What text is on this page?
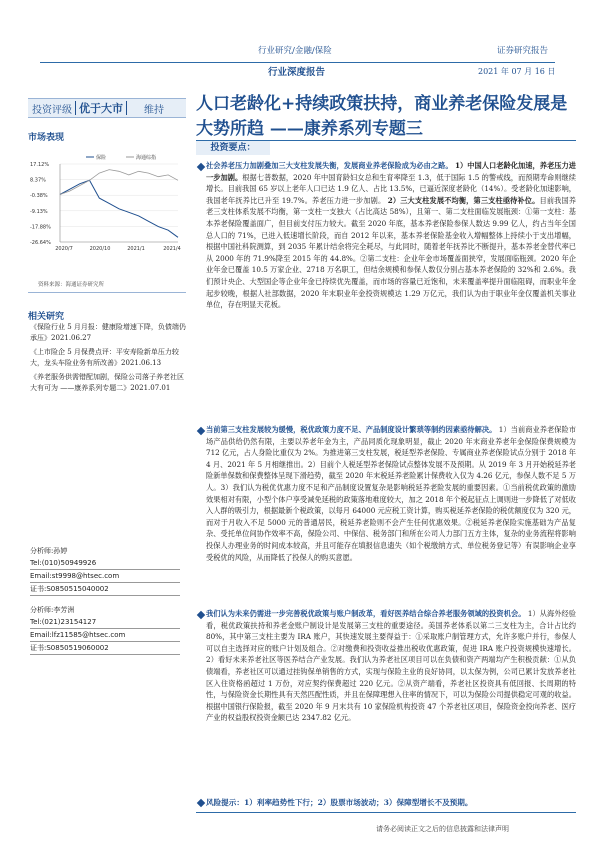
行业研究/金融/保险	证券研究报告
行业深度报告	2021 年 07 月 16 日
投资评级 优于大市 维持 人口老龄化+持续政策扶持，商业养老保险发展是大势所趋 ——康养系列专题三
市场表现
17.12%
8.37%
-0.38%
-9.13%
-17.88%
-26.64%
保险	海通综指
2020/7	2020/10	2021/1	2021/4
资料来源：海通证券研究所
相关研究

《保险行业 5 月月报：健康险增速下降，负债端仍承压》2021.06.27

《上市险企 5 月保费点评：平安寿险新单压力较大，龙头车险业务有所改善》2021.06.13

《养老服务供需错配加剧，保险公司落子养老社区大有可为 ——康养系列专题二》2021.07.01

分析师:孙婷
Tel:(010)50949926
Email:st9998@htsec.com
证书:S0850515040002
分析师:李芳洲
Tel:(021)23154127
Email:lfz11585@htsec.com
证书:S0850519060002
投资要点：
社会养老压力加剧叠加三大支柱发展失衡，发展商业养老保险成为必由之路。 1）中国人口老龄化加速，养老压力进一步加剧。根据七普数据，2020 年中国育龄妇女总和生育率降至 1.3，低于国际 1.5 的警戒线，而预期寿命则继续增长。目前我国 65 岁以上老年人口已达 1.9 亿人、占比 13.5%，已逼近深度老龄化（14%）。受老龄化加速影响，我国老年抚养比已升至 19.7%。养老压力进一步加剧。 2）三大支柱发展不均衡，第三支柱亟待补位。目前我国养老三支柱体系发展不均衡，第一支柱一支独大（占比高达 58%），且第一、第二支柱面临发展瓶颈：①第一支柱：基本养老保险覆盖面广，但目前支付压力较大。截至 2020 年底，基本养老保险参保人数达 9.99 亿人，约占当年全国总人口的 71%，已进入低速增长阶段，而自 2012 年以来，基本养老保险基金收入增幅整体上持续小于支出增幅，根据中国社科院测算，到 2035 年累计结余将完全耗尽，与此同时，随着老年抚养比不断提升，基本养老金替代率已从 2000 年的 71.9%降至 2015 年的 44.8%。②第二支柱：企业年金市场覆盖面狭窄，发展面临瓶颈。2020 年企业年金已覆盖 10.5 万家企业、2718 万名职工，但结余规模和参保人数仅分别占基本养老保险的 32%和 2.6%。我们预计央企、大型国企等企业年金已持续优先覆盖，而市场的容量已近饱和，未来覆盖率提升面临阻碍，而职业年金起步较晚，根据人社部数据，2020 年末职业年金投资规模达 1.29 万亿元，我们认为由于职业年金仅覆盖机关事业单位，存在明显天花板。
当前第三支柱发展较为缓慢，税优政策力度不足、产品制度设计繁琐等制约因素亟待解决。 1）当前商业养老保险市场产品供给仍然有限，主要以养老年金为主，产品同质化现象明显，截止 2020 年末商业养老年金保险保费规模为 712 亿元，占人身险比重仅为 2%。为推进第三支柱发展，税延型养老保险、专属商业养老保险试点分别于 2018 年 4 月、2021 年 5 月相继推出。2）目前个人税延型养老保险试点整体发展不及预期。从 2019 年 3 月开始税延养老险新单保数和保费整体呈现下滑趋势，截至 2020 年末税延养老险累计保费收入仅为 4.26 亿元，参保人数不足 5 万人。3）我们认为税优优惠力度不足和产品制度设置复杂是影响税延养老险发展的重要因素。①当前税优政策的激励效果相对有限，小型个体户享受减免延税的政策落地难度较大，加之 2018 年个税起征点上调则进一步降低了对低收入人群的吸引力，根据最新个税政策，以每月 64000 元应税工资计算，购买税延养老保险的税优额度仅为 320 元，而对于月收入不足 5000 元的普通居民，税延养老险则不会产生任何优惠效果。②税延养老保险实施基础为产品复杂、受托单位间协作效率不高，保险公司、中保信、税务部门和所在公司人力部门五方主体，复杂的业务流程将影响投保人办理业务的时间成本较高，并且可能存在填报信息遗失（如个税缴纳方式、单位税务登记等）有误影响企业享受税优的风险，从而降低了投保人的购买意愿。
我们认为未来仍需进一步完善税优政策与账户制改革，看好医养结合综合养老服务领域的投资机会。 1）从海外经验看，税优政策扶持和养老金账户制设计是发展第三支柱的重要途径。美国养老体系以第二三支柱为主，合计占比约 80%，其中第三支柱主要为 IRA 账户，其快速发展主要得益于：①采取账户制管理方式，允许多账户并行，参保人可以自主选择对应的账户计划及组合。②对缴费和投资收益推出税收优惠政策，促进 IRA 账户投资规模快速增长。2）看好未来养老社区等医养结合产业发展。我们认为养老社区项目可以在负债和资产两端均产生积极贡献：①从负债端看，养老社区可以通过挂钩保单销售的方式，实现与保险主业的良好协同，以太保为例，公司已累计发放养老社区入住资格函超过 1 万份，对应契约保费超过 220 亿元。②从资产端看，养老社区投资具有低回报、长周期的特性，与保险资金长期性具有天然匹配性质，并且在保障理想入住率的情况下，可以为保险公司提供稳定可观的收益。根据中国银行保险报，截至 2020 年 9 月末共有 10 家保险机构投资 47 个养老社区项目，保险资金投向养老、医疗产业的权益股权投资金额已达 2347.82 亿元。
风险提示：1）利率趋势性下行；2）股票市场波动；3）保障型增长不及预期。
请务必阅读正文之后的信息披露和法律声明
